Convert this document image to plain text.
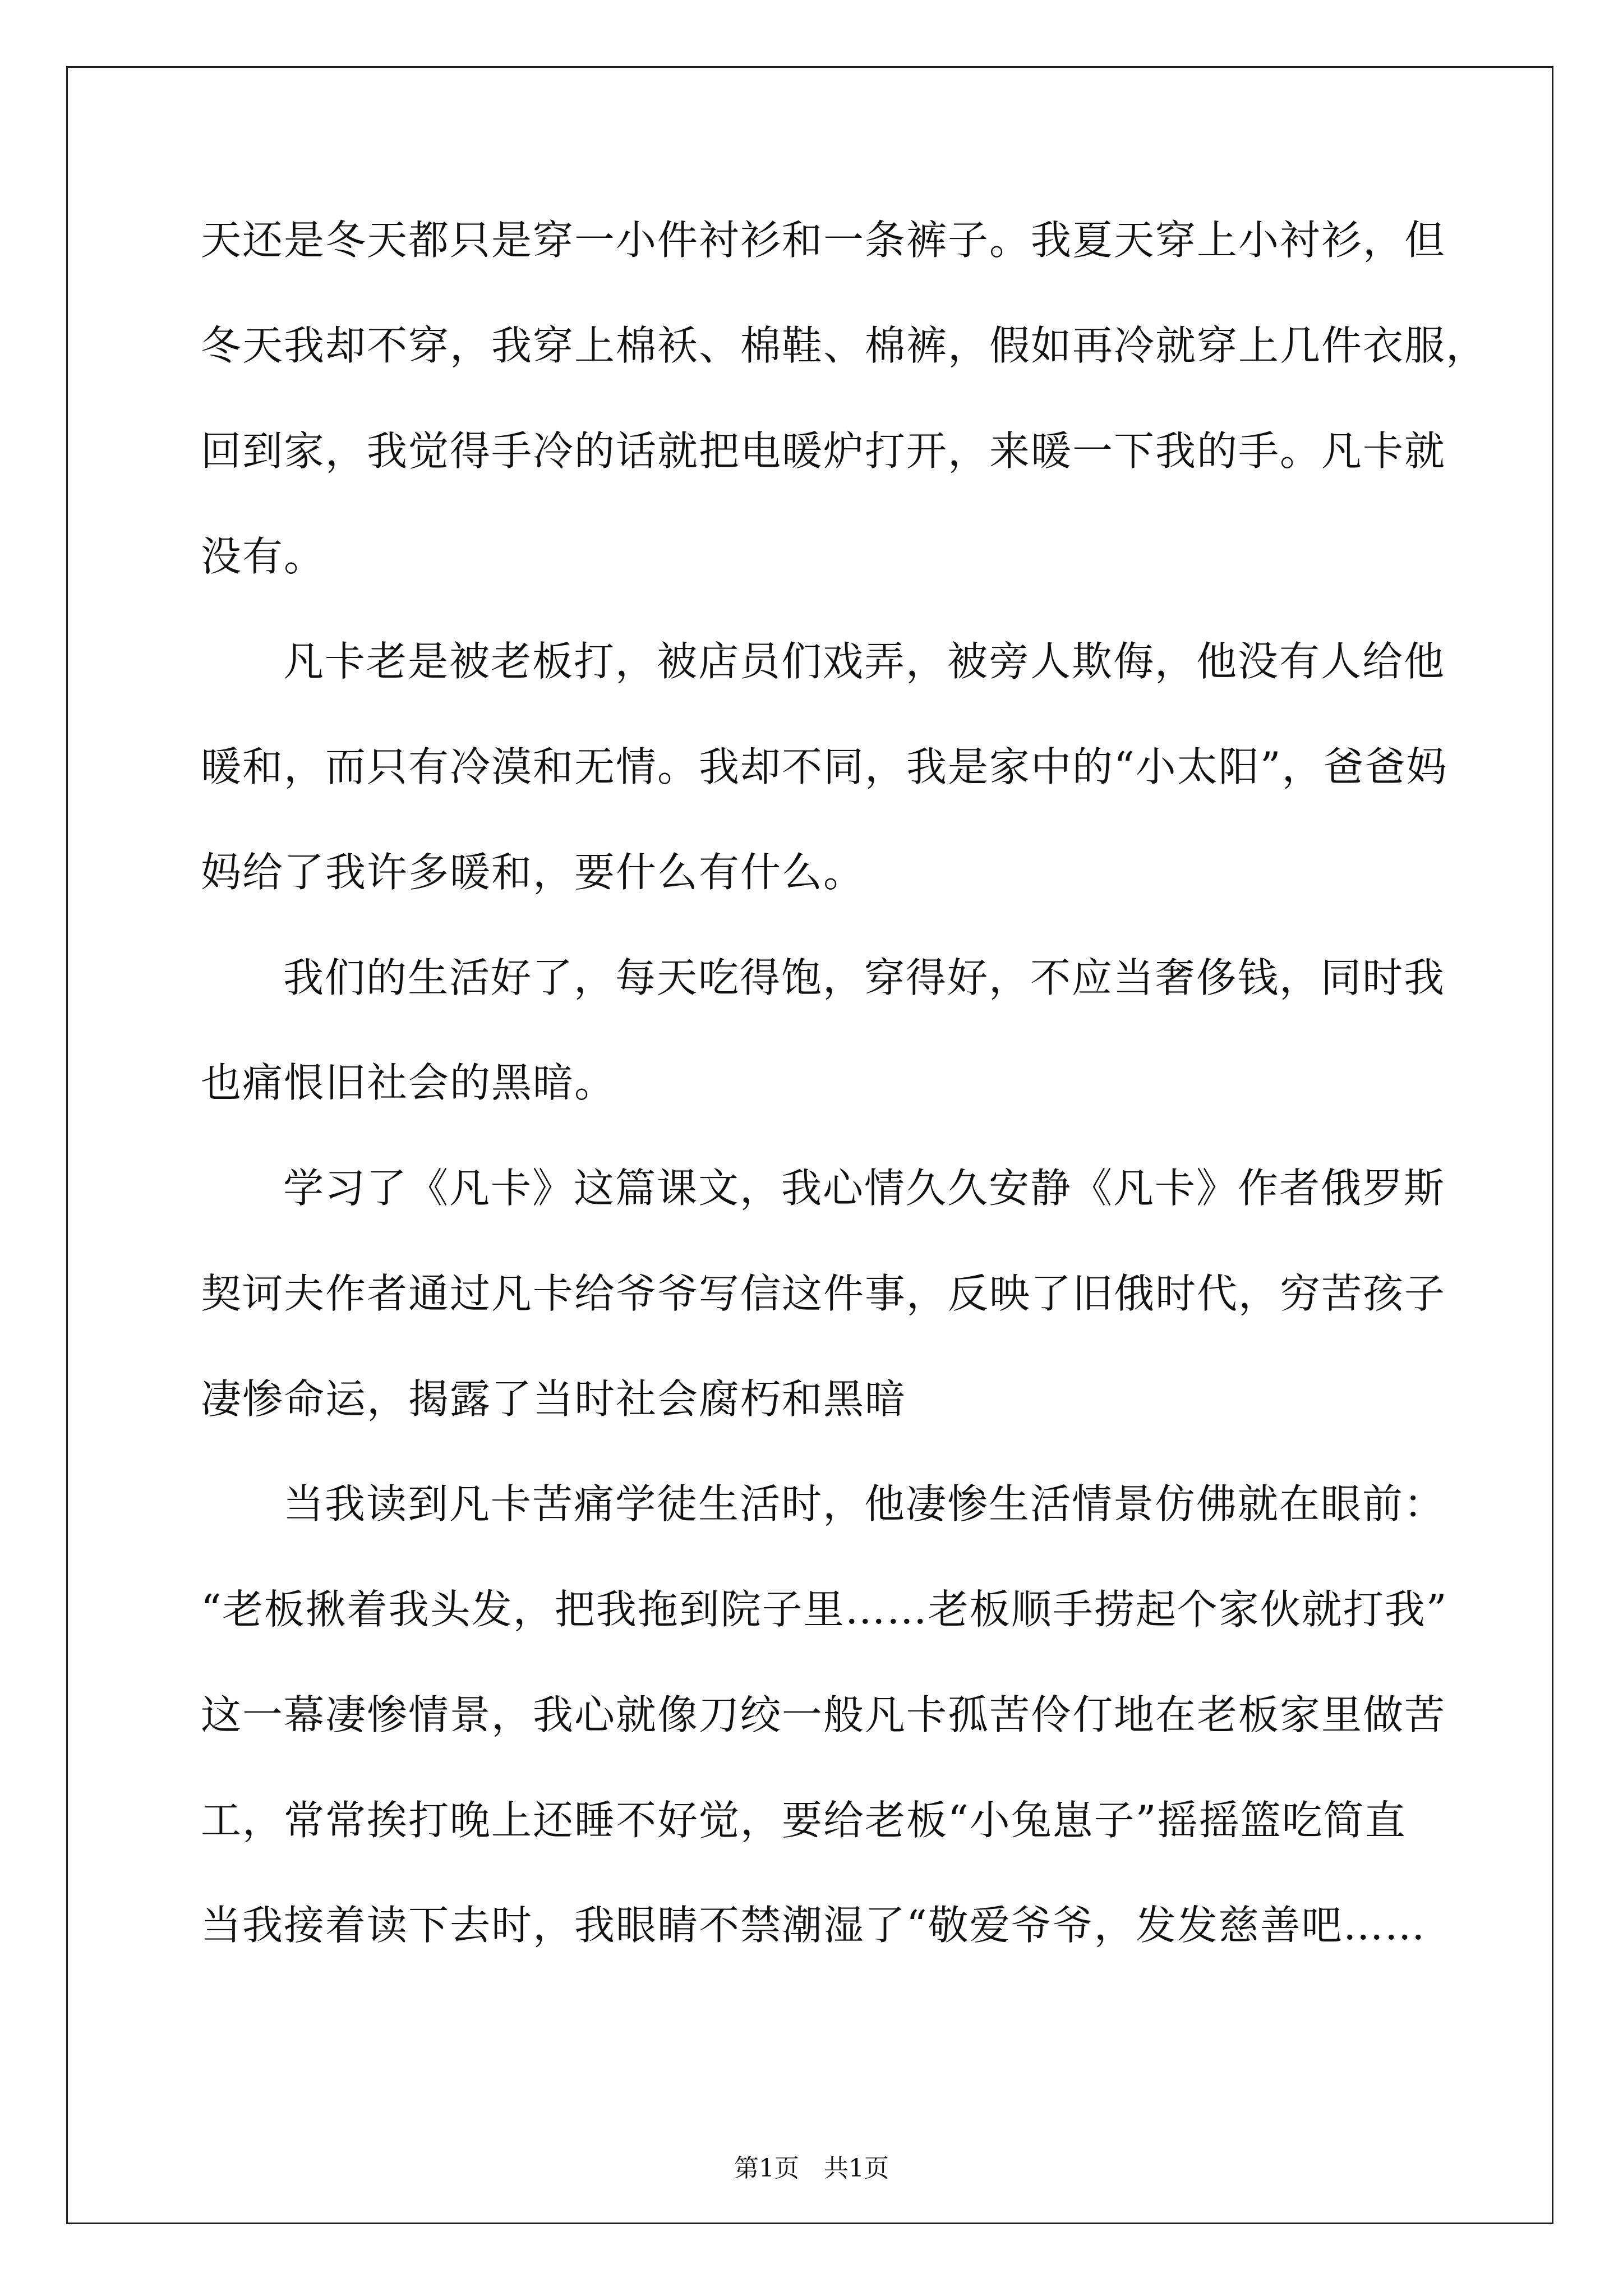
天还是冬天都只是穿一小件衬衫和一条裤子。我夏天穿上小衬衫，但
冬天我却不穿，我穿上棉袄、棉鞋、棉裤，假如再冷就穿上几件衣服，
回到家，我觉得手冷的话就把电暖炉打开，来暖一下我的手。凡卡就
没有。
凡卡老是被老板打，被店员们戏弄，被旁人欺侮，他没有人给他
暖和，而只有冷漠和无情。我却不同，我是家中的“小太阳”，爸爸妈
妈给了我许多暖和，要什么有什么。
我们的生活好了，每天吃得饱，穿得好，不应当奢侈钱，同时我
也痛恨旧社会的黑暗。
学习了《凡卡》这篇课文，我心情久久安静《凡卡》作者俄罗斯
契诃夫作者通过凡卡给爷爷写信这件事，反映了旧俄时代，穷苦孩子
凄惨命运，揭露了当时社会腐朽和黑暗
当我读到凡卡苦痛学徒生活时，他凄惨生活情景仿佛就在眼前：
“老板揪着我头发，把我拖到院子里……老板顺手捞起个家伙就打我”
这一幕凄惨情景，我心就像刀绞一般凡卡孤苦伶仃地在老板家里做苦
工，常常挨打晚上还睡不好觉，要给老板“小兔崽子”摇摇篮吃简直
当我接着读下去时，我眼睛不禁潮湿了“敬爱爷爷，发发慈善吧……
第1页　共1页
